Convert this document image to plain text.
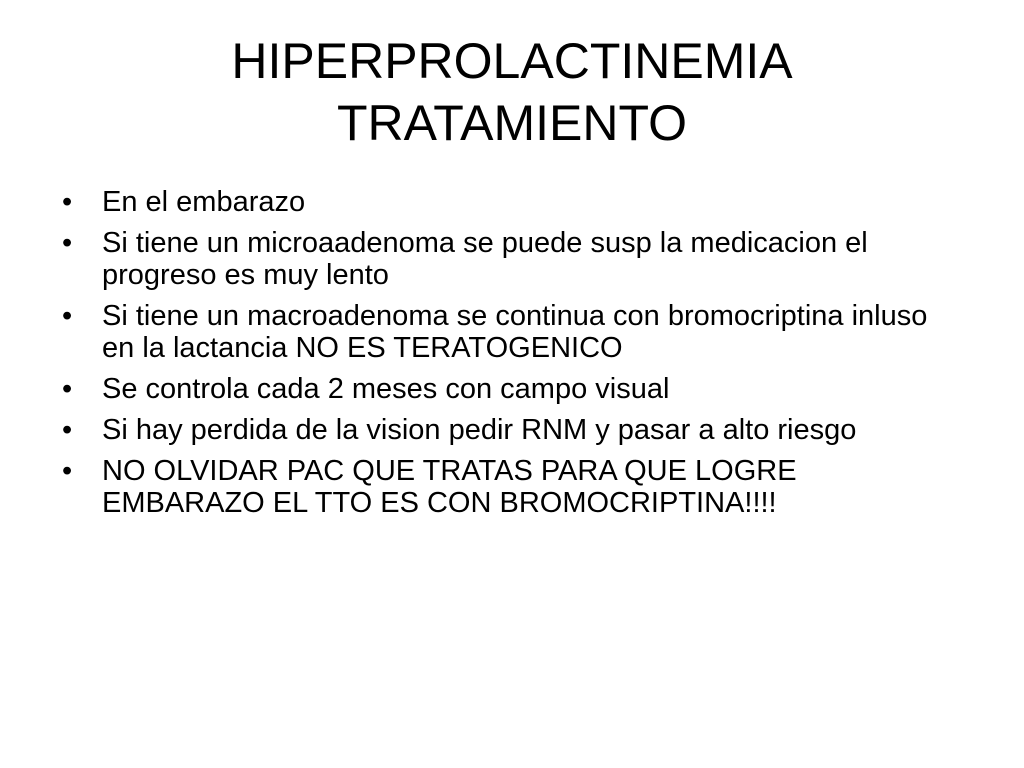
HIPERPROLACTINEMIA
TRATAMIENTO
•	En el embarazo
•	Si tiene un microaadenoma se puede susp la medicacion el progreso es muy lento
•	Si tiene un macroadenoma se continua con bromocriptina inluso en la lactancia NO ES TERATOGENICO
•	Se controla cada 2 meses con campo visual
•	Si hay perdida de la vision pedir RNM y pasar a alto riesgo
•	NO OLVIDAR PAC QUE TRATAS PARA QUE LOGRE EMBARAZO EL TTO ES CON BROMOCRIPTINA!!!!
